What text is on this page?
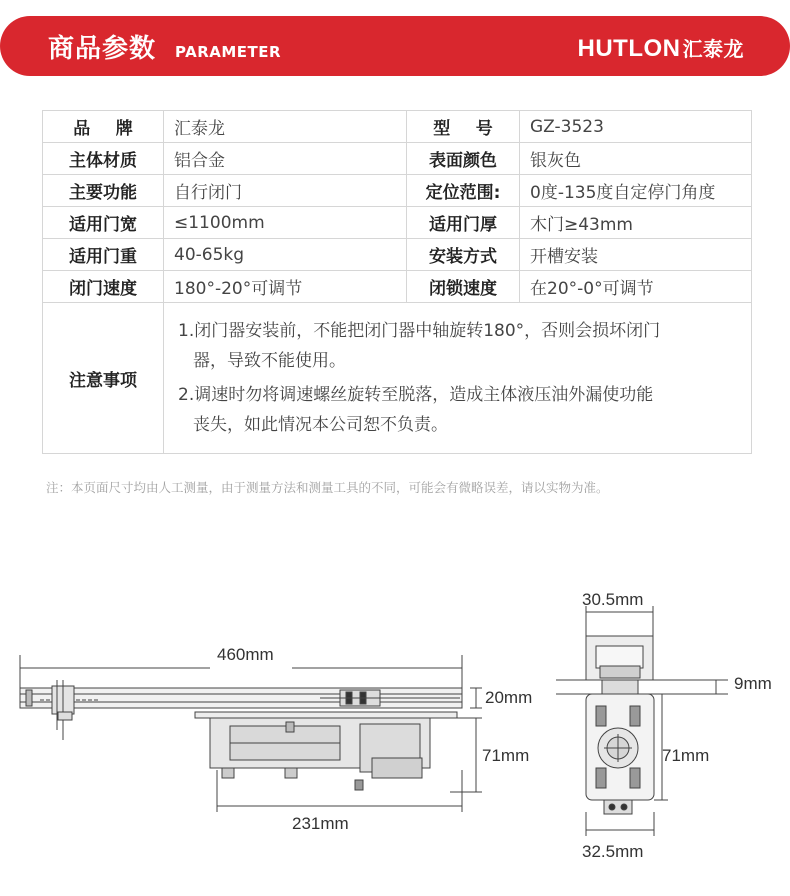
商品参数 PARAMETER	HUTLON 汇泰龙
品牌	汇泰龙	型号	GZ-3523
主体材质	铝合金	表面颜色	银灰色
主要功能	自行闭门	定位范围:	0度-135度自定停门角度
适用门宽	≤1100mm	适用门厚	木门≥43mm
适用门重	40-65kg	安装方式	开槽安装
闭门速度	180°-20°可调节	闭锁速度	在20°-0°可调节
注意事项	1.闭门器安装前，不能把闭门器中轴旋转180°，否则会损坏闭门
器，导致不能使用。
2.调速时勿将调速螺丝旋转至脱落，造成主体液压油外漏使功能
丧失，如此情况本公司恕不负责。		
注：本页面尺寸均由人工测量，由于测量方法和测量工具的不同，可能会有微略误差，请以实物为准。
460mm
20mm
71mm
231mm
30.5mm
9mm
71mm
32.5mm
